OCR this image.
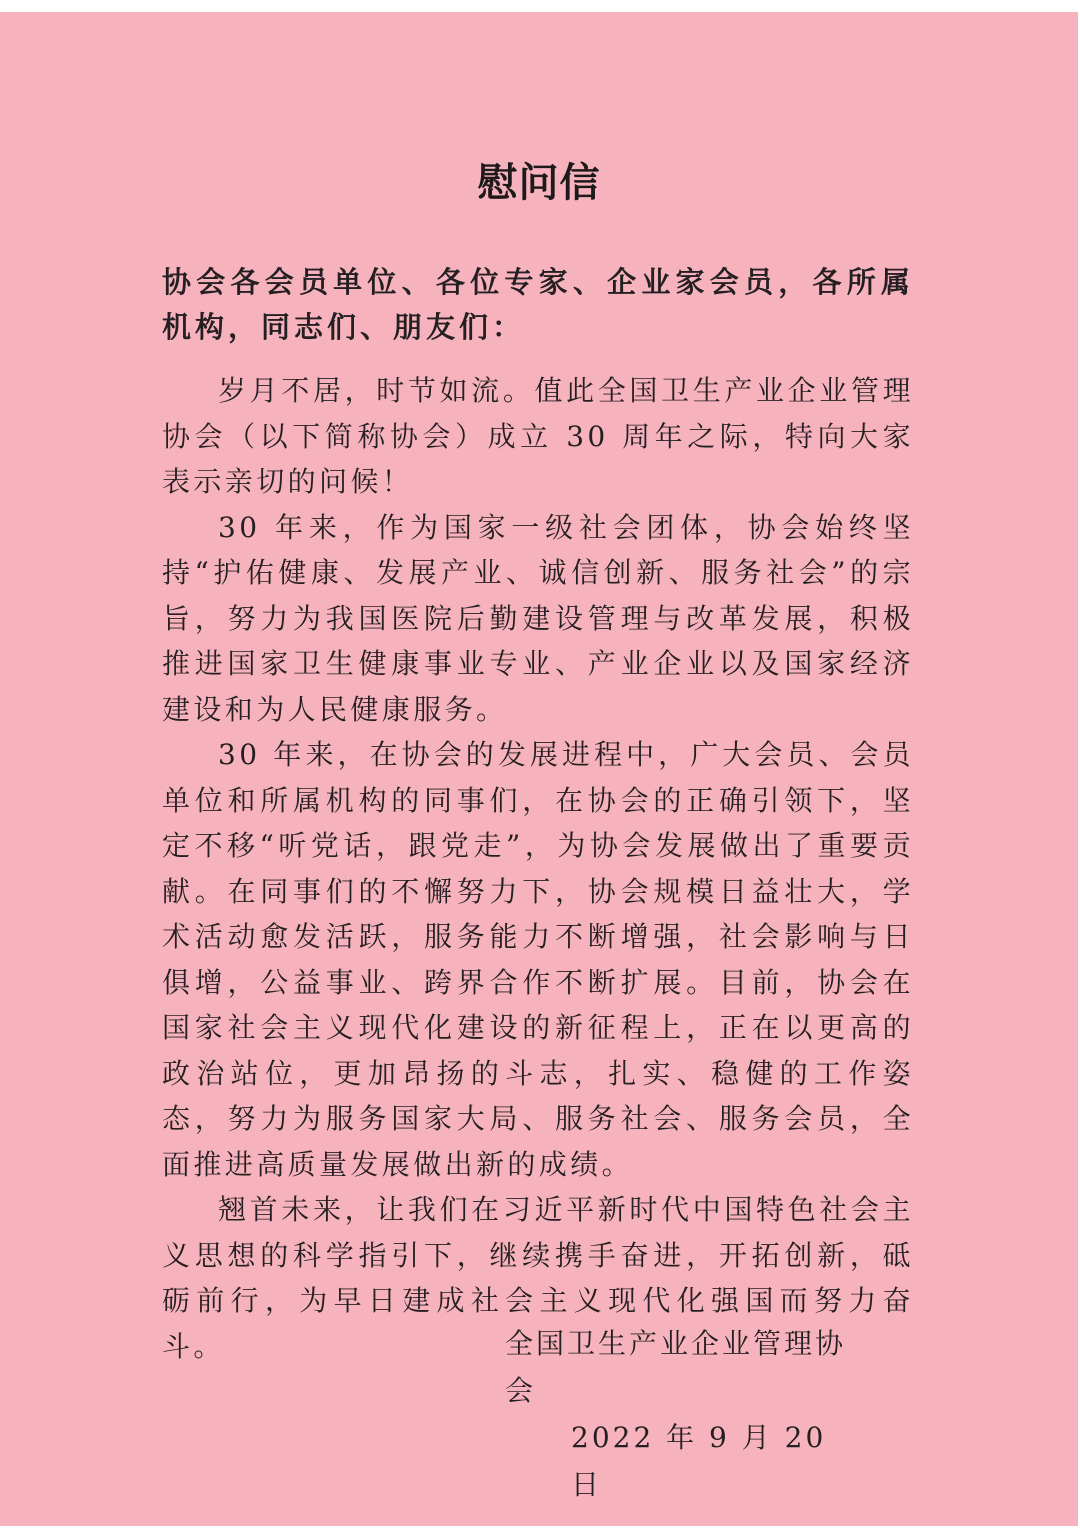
慰问信
协会各会员单位、各位专家、企业家会员，各所属机构，同志们、朋友们：

岁月不居，时节如流。值此全国卫生产业企业管理协会（以下简称协会）成立 30 周年之际，特向大家表示亲切的问候！

30 年来，作为国家一级社会团体，协会始终坚持“护佑健康、发展产业、诚信创新、服务社会”的宗旨，努力为我国医院后勤建设管理与改革发展，积极推进国家卫生健康事业专业、产业企业以及国家经济建设和为人民健康服务。

30 年来，在协会的发展进程中，广大会员、会员单位和所属机构的同事们，在协会的正确引领下，坚定不移“听党话，跟党走”，为协会发展做出了重要贡献。在同事们的不懈努力下，协会规模日益壮大，学术活动愈发活跃，服务能力不断增强，社会影响与日俱增，公益事业、跨界合作不断扩展。目前，协会在国家社会主义现代化建设的新征程上，正在以更高的政治站位，更加昂扬的斗志，扎实、稳健的工作姿态，努力为服务国家大局、服务社会、服务会员，全面推进高质量发展做出新的成绩。

翘首未来，让我们在习近平新时代中国特色社会主义思想的科学指引下，继续携手奋进，开拓创新，砥砺前行，为早日建成社会主义现代化强国而努力奋斗。	全国卫生产业企业管理协会
2022 年 9 月 20 日
